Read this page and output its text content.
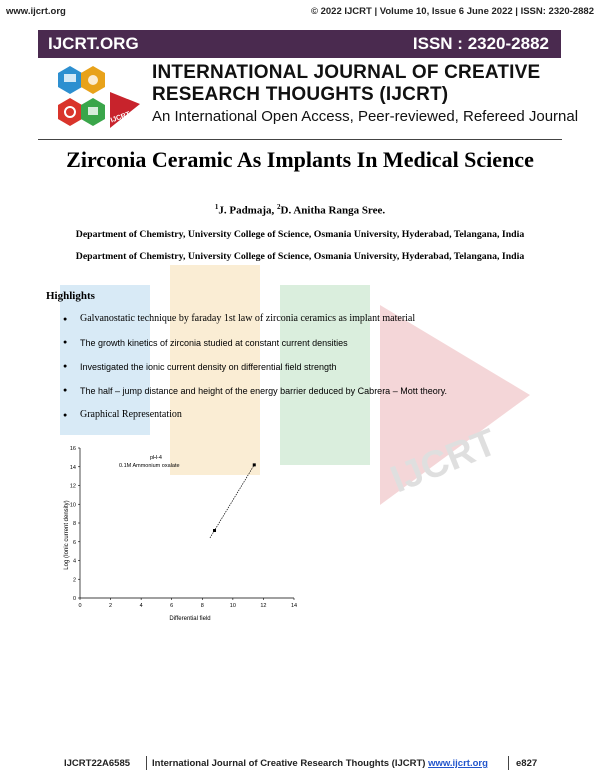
www.ijcrt.org	© 2022 IJCRT | Volume 10, Issue 6 June 2022 | ISSN: 2320-2882
IJCRT.ORG	ISSN : 2320-2882
IJCRT
INTERNATIONAL JOURNAL OF CREATIVE
RESEARCH THOUGHTS (IJCRT)
An International Open Access, Peer-reviewed, Refereed Journal
IJCRT
Zirconia Ceramic As Implants In Medical Science
$^1$J. Padmaja, $^2$D. Anitha Ranga Sree.
Department of Chemistry, University College of Science, Osmania University, Hyderabad, Telangana, India
Department of Chemistry, University College of Science, Osmania University, Hyderabad, Telangana, India
Highlights
● Galvanostatic technique by faraday 1st law of zirconia ceramics as implant material
● The growth kinetics of zirconia studied at constant current densities
● Investigated the ionic current density on differential field strength
● The half – jump distance and height of the energy barrier deduced by Cabrera – Mott theory.
● Graphical Representation
0	2	4	6	8	10	12	14
0
2
4
6
8
10
12
14
16
pH-4
0.1M Ammonium oxalate
Differential field
Log (Ionic current density)
IJCRT22A6585 International Journal of Creative Research Thoughts (IJCRT) www.ijcrt.org	e827
